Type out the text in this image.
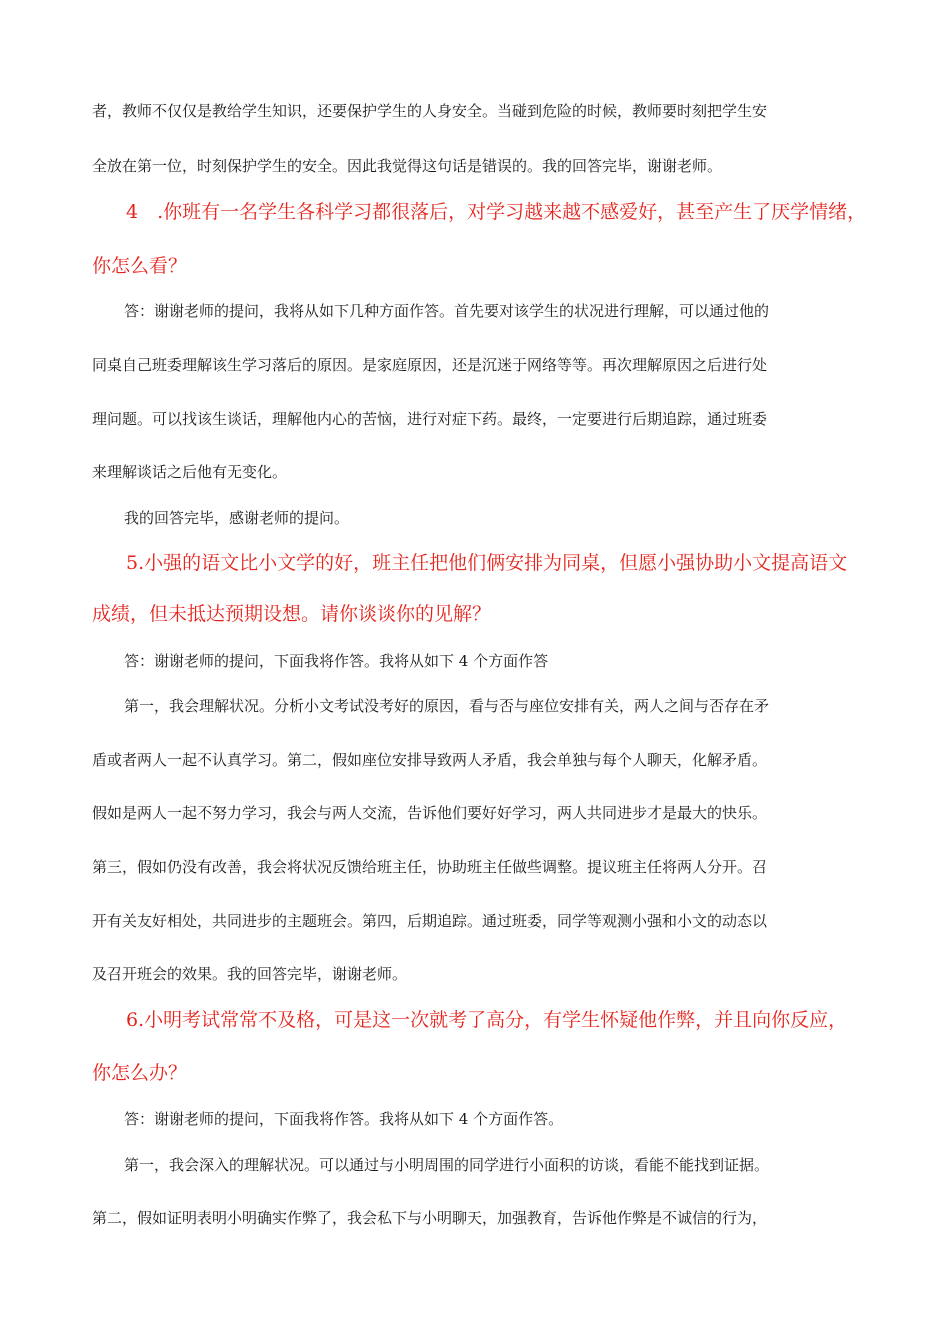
者，教师不仅仅是教给学生知识，还要保护学生的人身安全。当碰到危险的时候，教师要时刻把学生安
全放在第一位，时刻保护学生的安全。因此我觉得这句话是错误的。我的回答完毕，谢谢老师。
4　.你班有一名学生各科学习都很落后，对学习越来越不感爱好，甚至产生了厌学情绪，
你怎么看？
答：谢谢老师的提问，我将从如下几种方面作答。首先要对该学生的状况进行理解，可以通过他的
同桌自己班委理解该生学习落后的原因。是家庭原因，还是沉迷于网络等等。再次理解原因之后进行处
理问题。可以找该生谈话，理解他内心的苦恼，进行对症下药。最终，一定要进行后期追踪，通过班委
来理解谈话之后他有无变化。
我的回答完毕，感谢老师的提问。
5.小强的语文比小文学的好，班主任把他们俩安排为同桌，但愿小强协助小文提高语文
成绩，但未抵达预期设想。请你谈谈你的见解？
答：谢谢老师的提问，下面我将作答。我将从如下 4 个方面作答
第一，我会理解状况。分析小文考试没考好的原因，看与否与座位安排有关，两人之间与否存在矛
盾或者两人一起不认真学习。第二，假如座位安排导致两人矛盾，我会单独与每个人聊天，化解矛盾。
假如是两人一起不努力学习，我会与两人交流，告诉他们要好好学习，两人共同进步才是最大的快乐。
第三，假如仍没有改善，我会将状况反馈给班主任，协助班主任做些调整。提议班主任将两人分开。召
开有关友好相处，共同进步的主题班会。第四，后期追踪。通过班委，同学等观测小强和小文的动态以
及召开班会的效果。我的回答完毕，谢谢老师。
6.小明考试常常不及格，可是这一次就考了高分，有学生怀疑他作弊，并且向你反应，
你怎么办？
答：谢谢老师的提问，下面我将作答。我将从如下 4 个方面作答。
第一，我会深入的理解状况。可以通过与小明周围的同学进行小面积的访谈，看能不能找到证据。
第二，假如证明表明小明确实作弊了，我会私下与小明聊天，加强教育，告诉他作弊是不诚信的行为，
